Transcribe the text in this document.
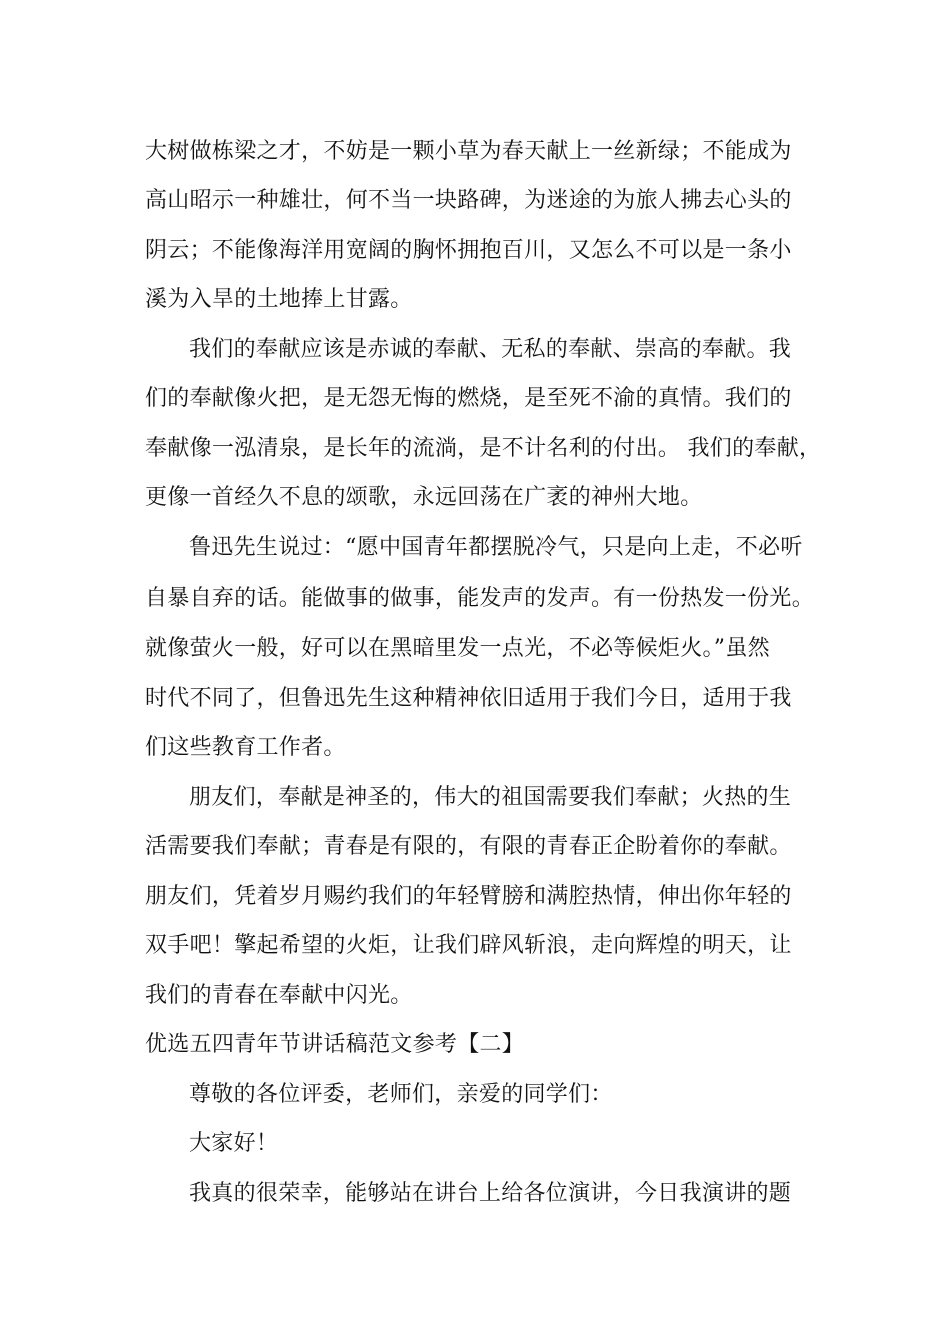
大树做栋梁之才，不妨是一颗小草为春天献上一丝新绿；不能成为
高山昭示一种雄壮，何不当一块路碑，为迷途的为旅人拂去心头的
阴云；不能像海洋用宽阔的胸怀拥抱百川，又怎么不可以是一条小
溪为入旱的土地捧上甘露。
我们的奉献应该是赤诚的奉献、无私的奉献、崇高的奉献。我
们的奉献像火把，是无怨无悔的燃烧，是至死不渝的真情。我们的
奉献像一泓清泉，是长年的流淌，是不计名利的付出。 我们的奉献，
更像一首经久不息的颂歌，永远回荡在广袤的神州大地。
鲁迅先生说过：“愿中国青年都摆脱冷气，只是向上走，不必听
自暴自弃的话。能做事的做事，能发声的发声。有一份热发一份光。
就像萤火一般，好可以在黑暗里发一点光，不必等候炬火。”虽然
时代不同了，但鲁迅先生这种精神依旧适用于我们今日，适用于我
们这些教育工作者。
朋友们，奉献是神圣的，伟大的祖国需要我们奉献；火热的生
活需要我们奉献；青春是有限的，有限的青春正企盼着你的奉献。
朋友们，凭着岁月赐约我们的年轻臂膀和满腔热情，伸出你年轻的
双手吧！擎起希望的火炬，让我们辟风斩浪，走向辉煌的明天，让
我们的青春在奉献中闪光。
优选五四青年节讲话稿范文参考【二】
尊敬的各位评委，老师们，亲爱的同学们：
大家好！
我真的很荣幸，能够站在讲台上给各位演讲，今日我演讲的题
